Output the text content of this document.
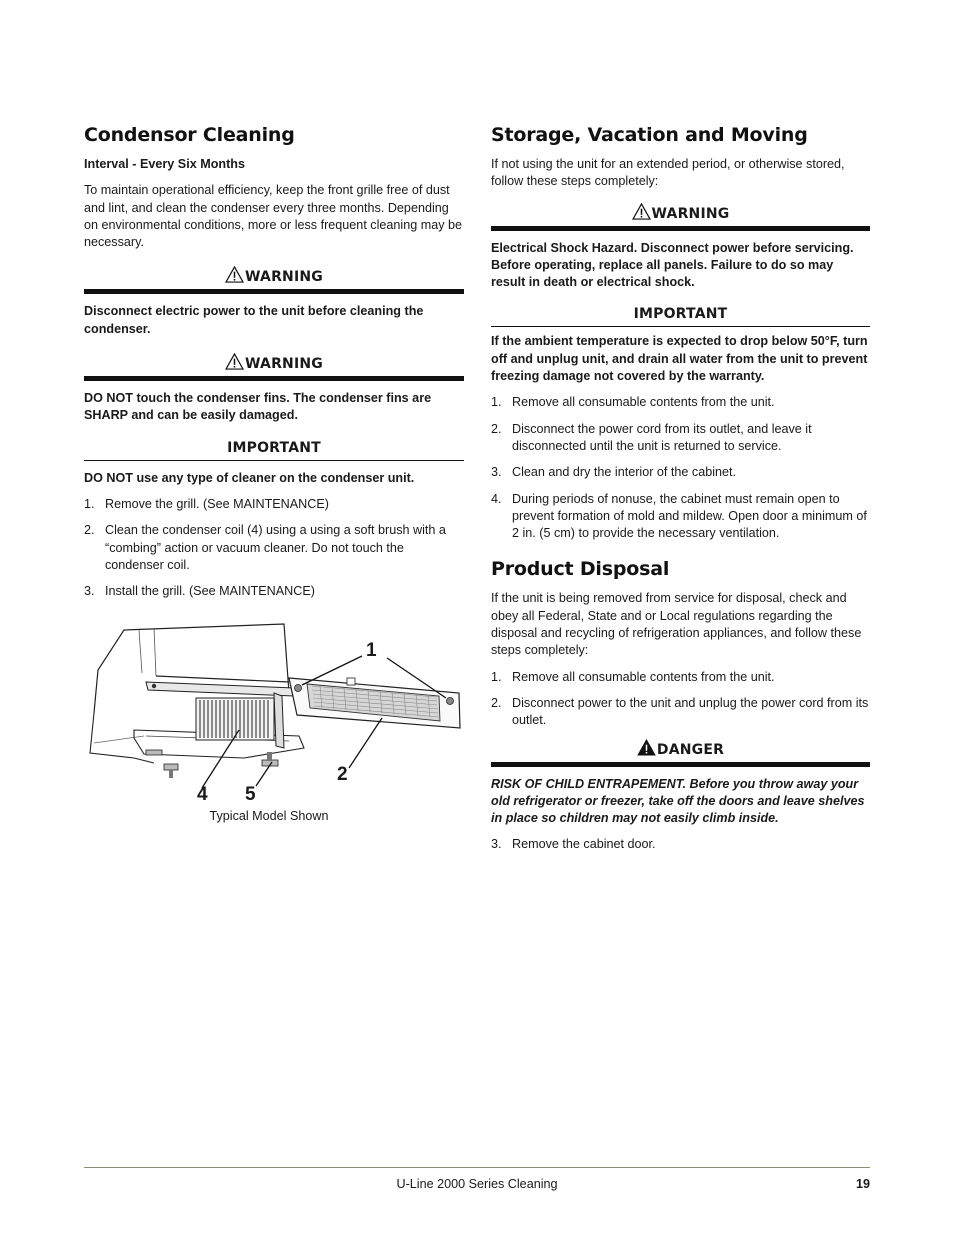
Condensor Cleaning

Interval - Every Six Months

To maintain operational efficiency, keep the front grille free of dust and lint, and clean the condenser every three months. Depending on environmental conditions, more or less frequent cleaning may be necessary.

WARNING

Disconnect electric power to the unit before cleaning the condenser.

WARNING

DO NOT touch the condenser fins. The condenser fins are SHARP and can be easily damaged.

IMPORTANT

DO NOT use any type of cleaner on the condenser unit.

1. Remove the grill. (See MAINTENANCE)
2. Clean the condenser coil (4) using a using a soft brush with a “combing” action or vacuum cleaner. Do not touch the condenser coil.
3. Install the grill. (See MAINTENANCE)
1
2
4 5

Typical Model Shown

Storage, Vacation and Moving

If not using the unit for an extended period, or otherwise stored, follow these steps completely:

WARNING

Electrical Shock Hazard. Disconnect power before servicing. Before operating, replace all panels. Failure to do so may result in death or electrical shock.

IMPORTANT

If the ambient temperature is expected to drop below 50°F, turn off and unplug unit, and drain all water from the unit to prevent freezing damage not covered by the warranty.

1. Remove all consumable contents from the unit.
2. Disconnect the power cord from its outlet, and leave it disconnected until the unit is returned to service.
3. Clean and dry the interior of the cabinet.
4. During periods of nonuse, the cabinet must remain open to prevent formation of mold and mildew. Open door a minimum of 2 in. (5 cm) to provide the necessary ventilation.
Product Disposal

If the unit is being removed from service for disposal, check and obey all Federal, State and or Local regulations regarding the disposal and recycling of refrigeration appliances, and follow these steps completely:

1. Remove all consumable contents from the unit.
2. Disconnect power to the unit and unplug the power cord from its outlet.
DANGER

RISK OF CHILD ENTRAPEMENT. Before you throw away your old refrigerator or freezer, take off the doors and leave shelves in place so children may not easily climb inside.

3. Remove the cabinet door.
U-Line 2000 Series Cleaning	19
